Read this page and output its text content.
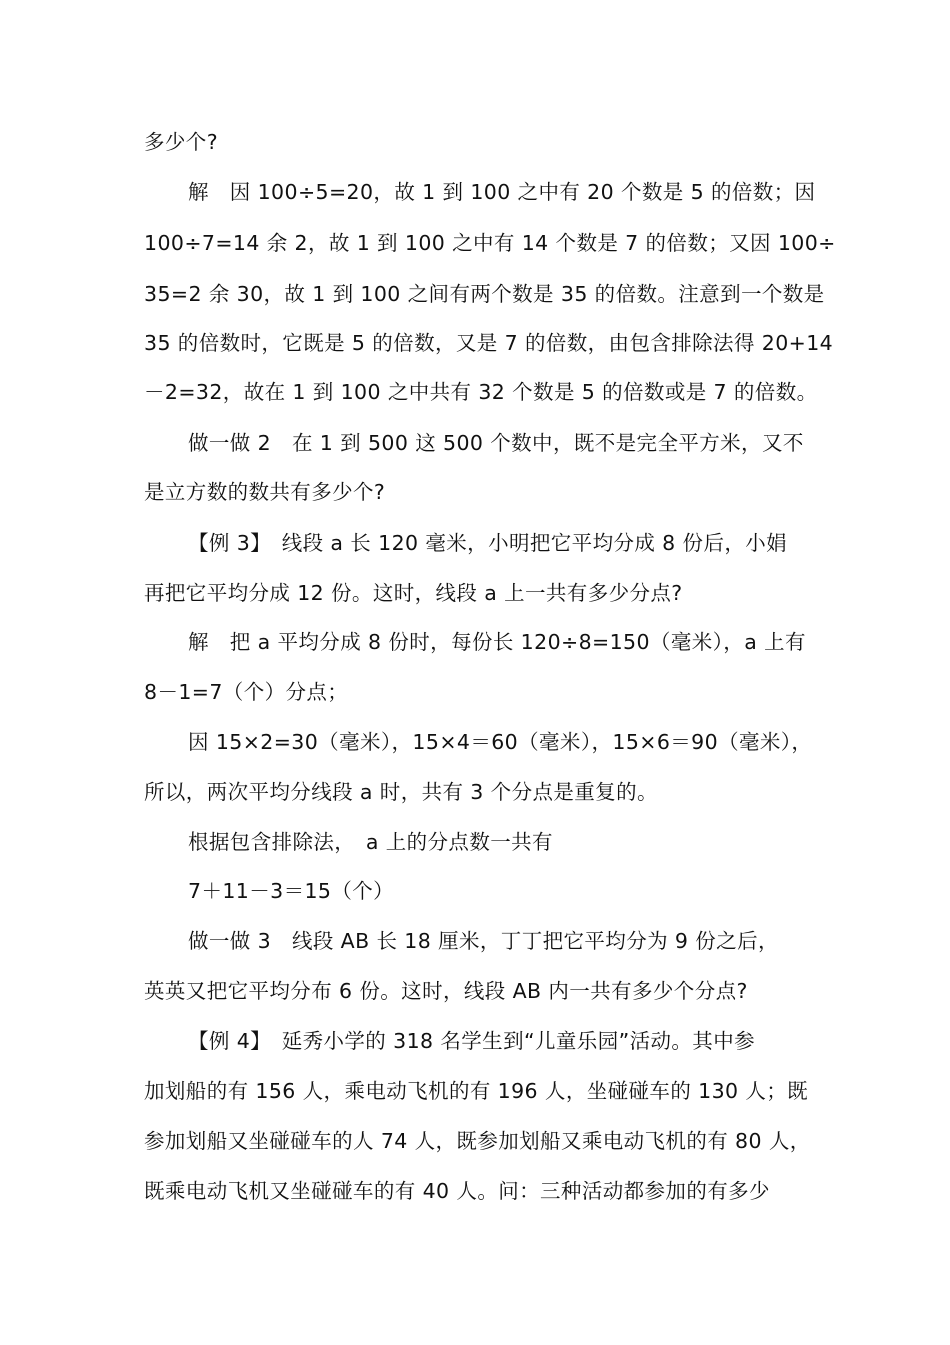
多少个?
解　因 100÷5=20，故 1 到 100 之中有 20 个数是 5 的倍数；因
100÷7=14 余 2，故 1 到 100 之中有 14 个数是 7 的倍数；又因 100÷
35=2 余 30，故 1 到 100 之间有两个数是 35 的倍数。注意到一个数是
35 的倍数时，它既是 5 的倍数，又是 7 的倍数，由包含排除法得 20+14
－2=32，故在 1 到 100 之中共有 32 个数是 5 的倍数或是 7 的倍数。
做一做 2　在 1 到 500 这 500 个数中，既不是完全平方米，又不
是立方数的数共有多少个?
【例 3】　线段 a 长 120 毫米，小明把它平均分成 8 份后，小娟
再把它平均分成 12 份。这时，线段 a 上一共有多少分点?
解　把 a 平均分成 8 份时，每份长 120÷8=150（毫米），a 上有
8－1=7（个）分点；
因 15×2=30（毫米），15×4＝60（毫米），15×6＝90（毫米），
所以，两次平均分线段 a 时，共有 3 个分点是重复的。
根据包含排除法，　a 上的分点数一共有
7＋11－3＝15（个）
做一做 3　线段 AB 长 18 厘米，丁丁把它平均分为 9 份之后，
英英又把它平均分布 6 份。这时，线段 AB 内一共有多少个分点?
【例 4】　延秀小学的 318 名学生到“儿童乐园”活动。其中参
加划船的有 156 人，乘电动飞机的有 196 人，坐碰碰车的 130 人；既
参加划船又坐碰碰车的人 74 人，既参加划船又乘电动飞机的有 80 人，
既乘电动飞机又坐碰碰车的有 40 人。问：三种活动都参加的有多少
